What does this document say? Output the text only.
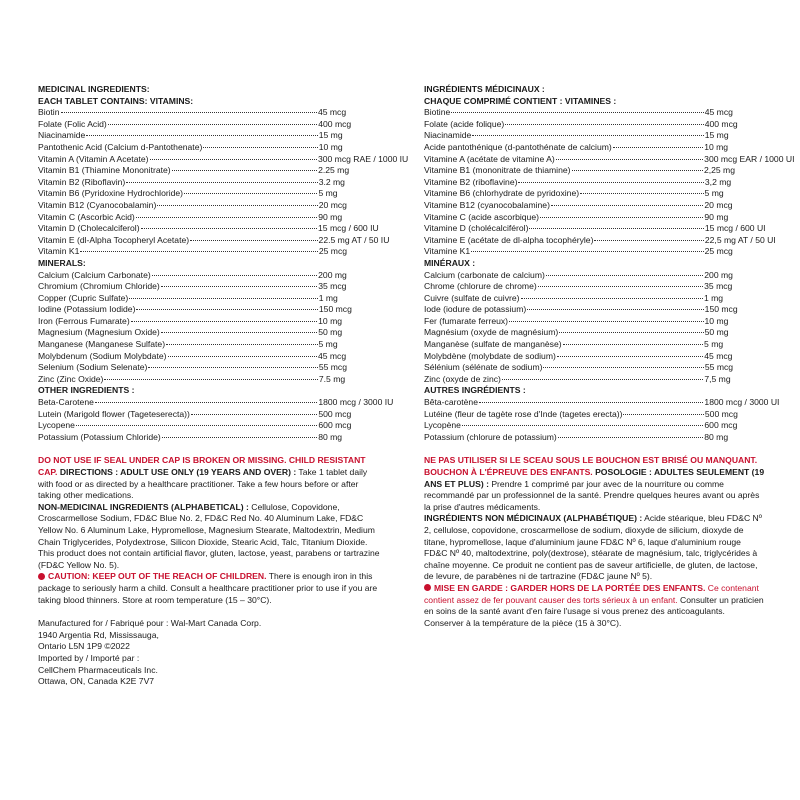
MEDICINAL INGREDIENTS:
EACH TABLET CONTAINS: VITAMINS:
Biotin	45 mcg
Folate (Folic Acid)	400 mcg
Niacinamide	15 mg
Pantothenic Acid (Calcium d-Pantothenate)	10 mg
Vitamin A (Vitamin A Acetate)	300 mcg RAE / 1000 IU
Vitamin B1 (Thiamine Mononitrate)	2.25 mg
Vitamin B2 (Riboflavin)	3.2 mg
Vitamin B6 (Pyridoxine Hydrochloride)	5 mg
Vitamin B12 (Cyanocobalamin)	20 mcg
Vitamin C (Ascorbic Acid)	90 mg
Vitamin D (Cholecalciferol)	15 mcg / 600 IU
Vitamin E (dl-Alpha Tocopheryl Acetate)	22.5 mg AT / 50 IU
Vitamin K1	25 mcg
MINERALS:
Calcium (Calcium Carbonate)	200 mg
Chromium (Chromium Chloride)	35 mcg
Copper (Cupric Sulfate)	1 mg
Iodine (Potassium Iodide)	150 mcg
Iron (Ferrous Fumarate)	10 mg
Magnesium (Magnesium Oxide)	50 mg
Manganese (Manganese Sulfate)	5 mg
Molybdenum (Sodium Molybdate)	45 mcg
Selenium (Sodium Selenate)	55 mcg
Zinc (Zinc Oxide)	7.5 mg
OTHER INGREDIENTS :
Beta-Carotene	1800 mcg / 3000 IU
Lutein (Marigold flower (Tageteserecta))	500 mcg
Lycopene	600 mcg
Potassium (Potassium Chloride)	80 mg

DO NOT USE IF SEAL UNDER CAP IS BROKEN OR MISSING. CHILD RESISTANT CAP. DIRECTIONS : ADULT USE ONLY (19 YEARS AND OVER) : Take 1 tablet daily with food or as directed by a healthcare practitioner. Take a few hours before or after taking other medications.

NON-MEDICINAL INGREDIENTS (ALPHABETICAL) : Cellulose, Copovidone, Croscarmellose Sodium, FD&C Blue No. 2, FD&C Red No. 40 Aluminum Lake, FD&C Yellow No. 6 Aluminum Lake, Hypromellose, Magnesium Stearate, Maltodextrin, Medium Chain Triglycerides, Polydextrose, Silicon Dioxide, Stearic Acid, Talc, Titanium Dioxide. This product does not contain artificial flavor, gluten, lactose, yeast, parabens or tartrazine (FD&C Yellow No. 5).

CAUTION: KEEP OUT OF THE REACH OF CHILDREN. There is enough iron in this package to seriously harm a child. Consult a healthcare practitioner prior to use if you are taking blood thinners. Store at room temperature (15 – 30°C).

Manufactured for / Fabriqué pour : Wal-Mart Canada Corp.
1940 Argentia Rd, Mississauga,
Ontario L5N 1P9 ©2022
Imported by / Importé par :
CellChem Pharmaceuticals Inc.
Ottawa, ON, Canada K2E 7V7
INGRÉDIENTS MÉDICINAUX :
CHAQUE COMPRIMÉ CONTIENT : VITAMINES :
Biotine	45 mcg
Folate (acide folique)	400 mcg
Niacinamide	15 mg
Acide pantothénique (d-pantothénate de calcium)	10 mg
Vitamine A (acétate de vitamine A)	300 mcg EAR / 1000 UI
Vitamine B1 (mononitrate de thiamine)	2,25 mg
Vitamine B2 (riboflavine)	3,2 mg
Vitamine B6 (chlorhydrate de pyridoxine)	5 mg
Vitamine B12 (cyanocobalamine)	20 mcg
Vitamine C (acide ascorbique)	90 mg
Vitamine D (cholécalciférol)	15 mcg / 600 UI
Vitamine E (acétate de dl-alpha tocophéryle)	22,5 mg AT / 50 UI
Vitamine K1	25 mcg
MINÉRAUX :
Calcium (carbonate de calcium)	200 mg
Chrome (chlorure de chrome)	35 mcg
Cuivre (sulfate de cuivre)	1 mg
Iode (iodure de potassium)	150 mcg
Fer (fumarate ferreux)	10 mg
Magnésium (oxyde de magnésium)	50 mg
Manganèse (sulfate de manganèse)	5 mg
Molybdène (molybdate de sodium)	45 mcg
Sélénium (sélénate de sodium)	55 mcg
Zinc (oxyde de zinc)	7,5 mg
AUTRES INGRÉDIENTS :
Bêta-carotène	1800 mcg / 3000 UI
Lutéine (fleur de tagète rose d'Inde (tagetes erecta))	500 mcg
Lycopène	600 mcg
Potassium (chlorure de potassium)	80 mg

NE PAS UTILISER SI LE SCEAU SOUS LE BOUCHON EST BRISÉ OU MANQUANT. BOUCHON À L'ÉPREUVE DES ENFANTS. POSOLOGIE : ADULTES SEULEMENT (19 ANS ET PLUS) : Prendre 1 comprimé par jour avec de la nourriture ou comme recommandé par un professionnel de la santé. Prendre quelques heures avant ou après la prise d'autres médicaments.

INGRÉDIENTS NON MÉDICINAUX (ALPHABÉTIQUE) : Acide stéarique, bleu FD&C Nº 2, cellulose, copovidone, croscarmellose de sodium, dioxyde de silicium, dioxyde de titane, hypromellose, laque d'aluminium jaune FD&C Nº 6, laque d'aluminium rouge FD&C Nº 40, maltodextrine, poly(dextrose), stéarate de magnésium, talc, triglycérides à chaîne moyenne. Ce produit ne contient pas de saveur artificielle, de gluten, de lactose, de levure, de parabènes ni de tartrazine (FD&C jaune Nº 5).

MISE EN GARDE : GARDER HORS DE LA PORTÉE DES ENFANTS. Ce contenant contient assez de fer pouvant causer des torts sérieux à un enfant. Consulter un praticien en soins de la santé avant d'en faire l'usage si vous prenez des anticoagulants. Conserver à la température de la pièce (15 à 30°C).
